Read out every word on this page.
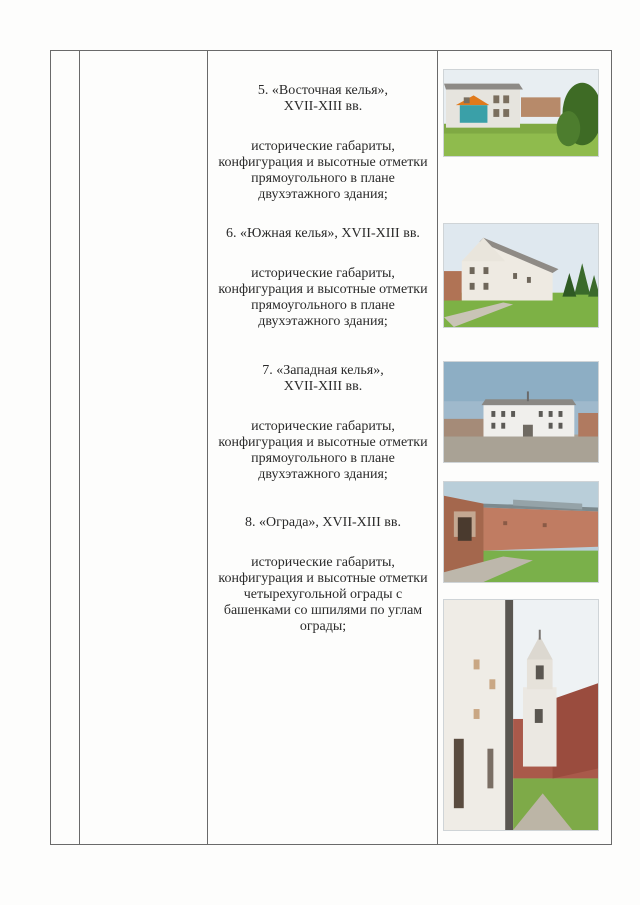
5. «Восточная келья»,
XVII-XIII вв.
исторические габариты, конфигурация и высотные отметки прямоугольного в плане двухэтажного здания;
6. «Южная келья», XVII-XIII вв.
исторические габариты, конфигурация и высотные отметки прямоугольного в плане двухэтажного здания;
7. «Западная келья»,
XVII-XIII вв.
исторические габариты, конфигурация и высотные отметки прямоугольного в плане двухэтажного здания;
8. «Ограда», XVII-XIII вв.
исторические габариты, конфигурация и высотные отметки четырехугольной ограды с башенками со шпилями по углам ограды;
